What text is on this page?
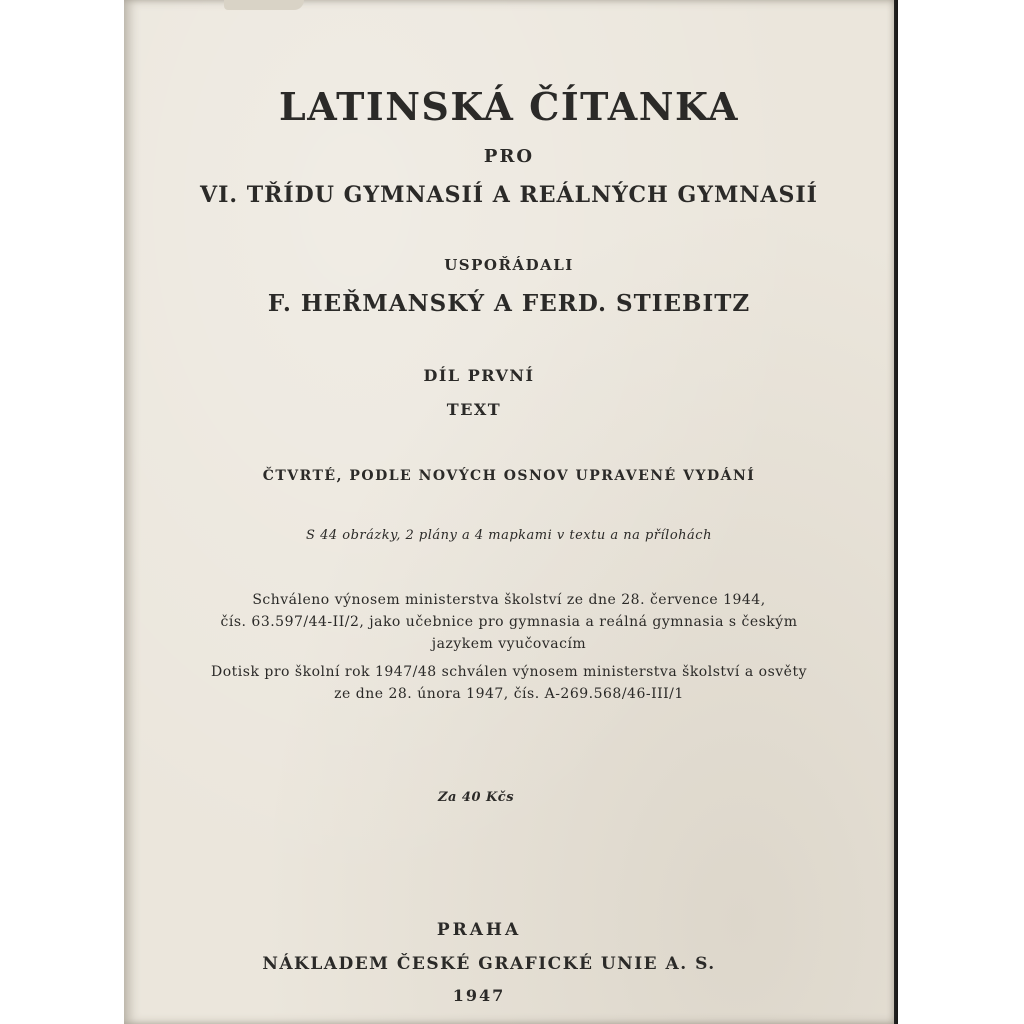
LATINSKÁ ČÍTANKA
PRO
VI. TŘÍDU GYMNASIÍ A REÁLNÝCH GYMNASIÍ
USPOŘÁDALI
F. HEŘMANSKÝ A FERD. STIEBITZ
DÍL PRVNÍ
TEXT
ČTVRTÉ, PODLE NOVÝCH OSNOV UPRAVENÉ VYDÁNÍ
S 44 obrázky, 2 plány a 4 mapkami v textu a na přílohách
Schváleno výnosem ministerstva školství ze dne 28. července 1944,
čís. 63.597/44-II/2, jako učebnice pro gymnasia a reálná gymnasia s českým
jazykem vyučovacím
Dotisk pro školní rok 1947/48 schválen výnosem ministerstva školství a osvěty
ze dne 28. února 1947, čís. A-269.568/46-III/1
Za 40 Kčs
PRAHA
NÁKLADEM ČESKÉ GRAFICKÉ UNIE A. S.
1947
